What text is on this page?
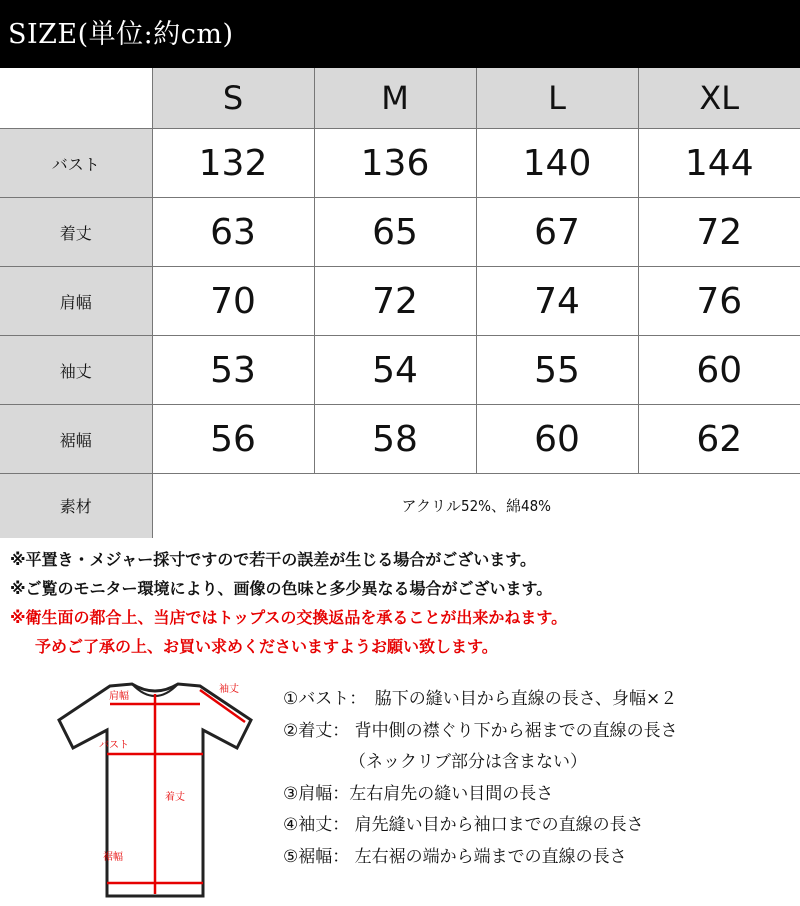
SIZE(単位:約cm)
	S	M	L	XL
バスト	132	136	140	144
着丈	63	65	67	72
肩幅	70	72	74	76
袖丈	53	54	55	60
裾幅	56	58	60	62
素材	アクリル52%、綿48%			
※平置き・メジャー採寸ですので若干の誤差が生じる場合がございます。
※ご覧のモニター環境により、画像の色味と多少異なる場合がございます。
※衛生面の都合上、当店ではトップスの交換返品を承ることが出来かねます。
予めご了承の上、お買い求めくださいますようお願い致します。
肩幅
バスト
着丈
袖丈
裾幅
①バスト：　脇下の縫い目から直線の長さ、身幅×２
②着丈： 背中側の襟ぐり下から裾までの直線の長さ
（ネックリブ部分は含まない）
③肩幅：左右肩先の縫い目間の長さ
④袖丈： 肩先縫い目から袖口までの直線の長さ
⑤裾幅： 左右裾の端から端までの直線の長さ
